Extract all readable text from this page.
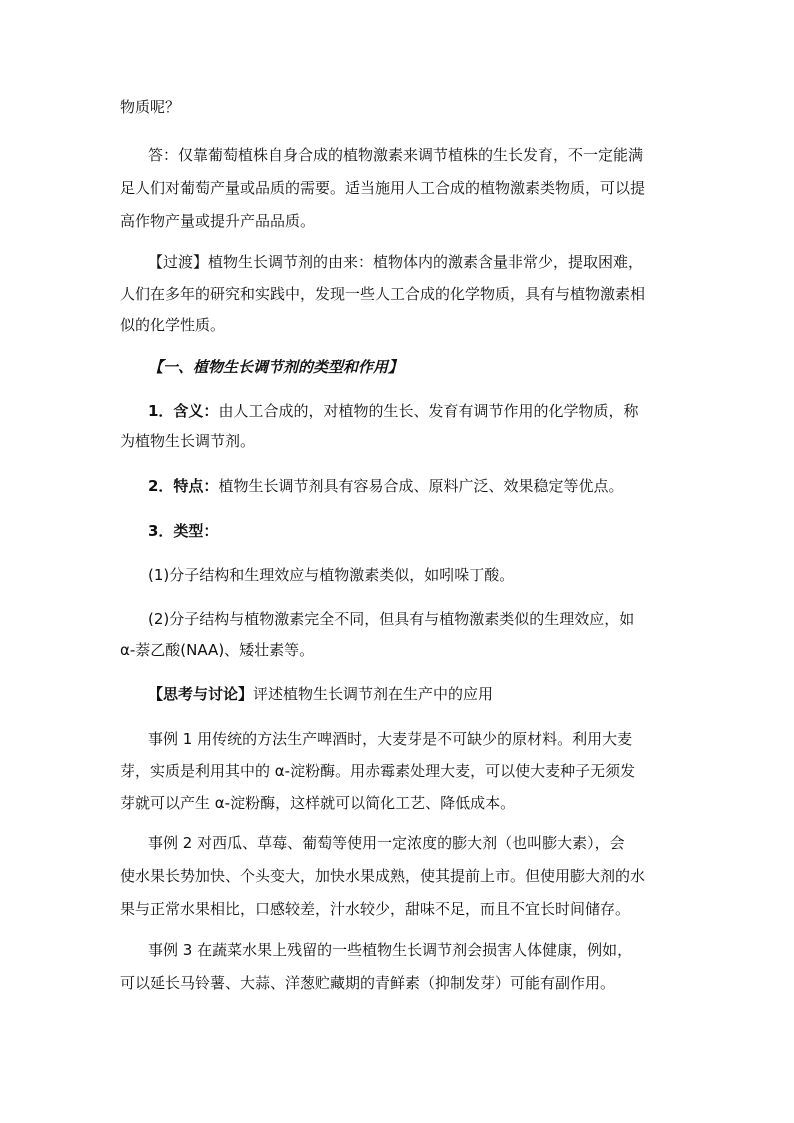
物质呢？
答：仅靠葡萄植株自身合成的植物激素来调节植株的生长发育，不一定能满
足人们对葡萄产量或品质的需要。适当施用人工合成的植物激素类物质，可以提
高作物产量或提升产品品质。
【过渡】植物生长调节剂的由来：植物体内的激素含量非常少，提取困难，
人们在多年的研究和实践中，发现一些人工合成的化学物质，具有与植物激素相
似的化学性质。
【一、植物生长调节剂的类型和作用】
1．含义：由人工合成的，对植物的生长、发育有调节作用的化学物质，称
为植物生长调节剂。
2．特点：植物生长调节剂具有容易合成、原料广泛、效果稳定等优点。
3．类型：
(1)分子结构和生理效应与植物激素类似，如吲哚丁酸。
(2)分子结构与植物激素完全不同，但具有与植物激素类似的生理效应，如
α-萘乙酸(NAA)、矮壮素等。
【思考与讨论】评述植物生长调节剂在生产中的应用
事例 1 用传统的方法生产啤酒时，大麦芽是不可缺少的原材料。利用大麦
芽，实质是利用其中的 α-淀粉酶。用赤霉素处理大麦，可以使大麦种子无须发
芽就可以产生 α-淀粉酶，这样就可以简化工艺、降低成本。
事例 2 对西瓜、草莓、葡萄等使用一定浓度的膨大剂（也叫膨大素），会
使水果长势加快、个头变大，加快水果成熟，使其提前上市。但使用膨大剂的水
果与正常水果相比，口感较差，汁水较少，甜味不足，而且不宜长时间储存。
事例 3 在蔬菜水果上残留的一些植物生长调节剂会损害人体健康，例如，
可以延长马铃薯、大蒜、洋葱贮藏期的青鲜素（抑制发芽）可能有副作用。
